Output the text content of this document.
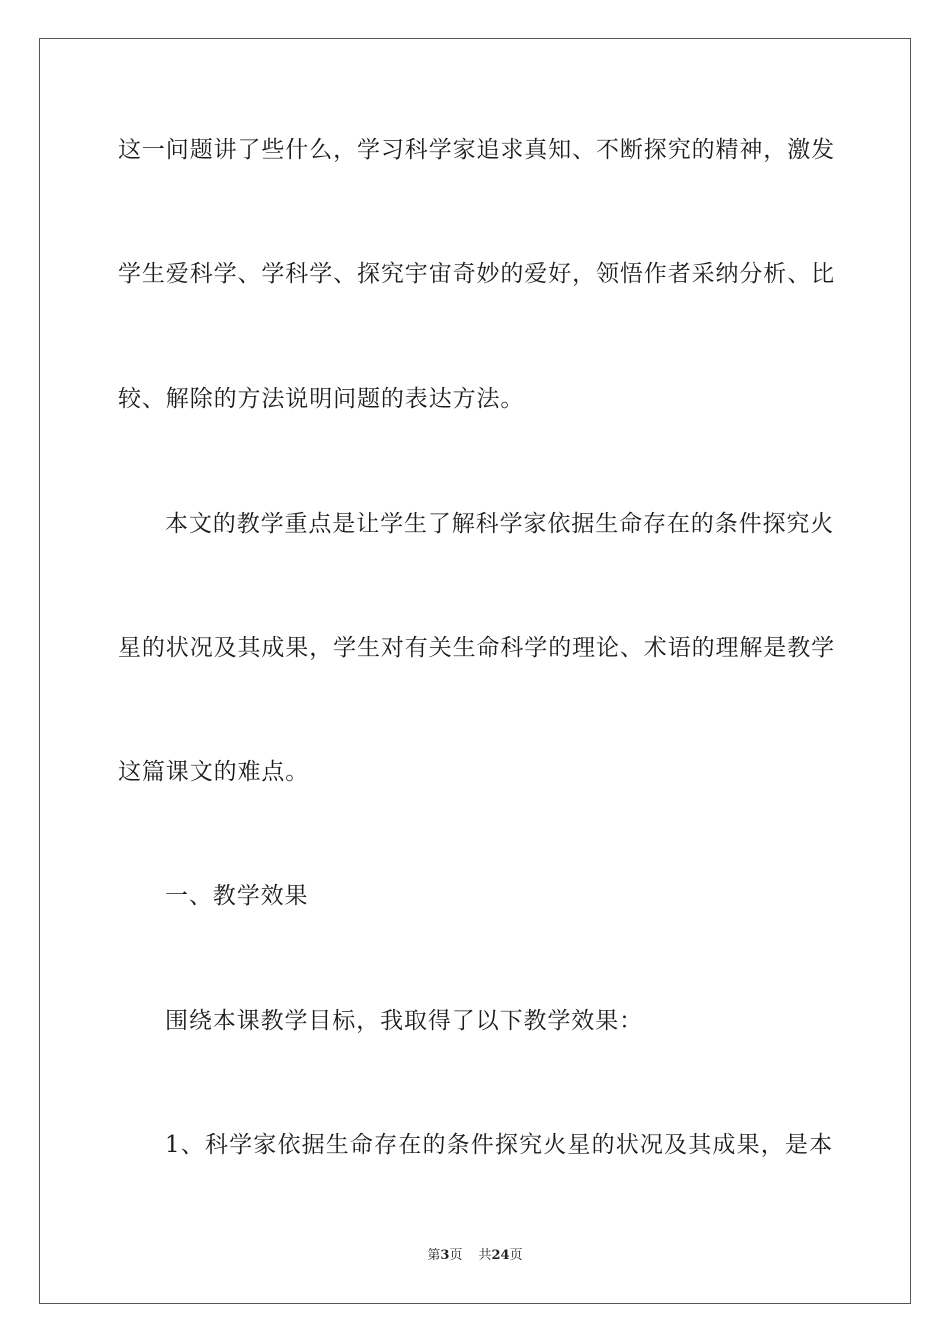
这一问题讲了些什么，学习科学家追求真知、不断探究的精神，激发
学生爱科学、学科学、探究宇宙奇妙的爱好，领悟作者采纳分析、比
较、解除的方法说明问题的表达方法。
本文的教学重点是让学生了解科学家依据生命存在的条件探究火
星的状况及其成果，学生对有关生命科学的理论、术语的理解是教学
这篇课文的难点。
一、教学效果
围绕本课教学目标，我取得了以下教学效果：
1、科学家依据生命存在的条件探究火星的状况及其成果，是本
第3页 共24页
